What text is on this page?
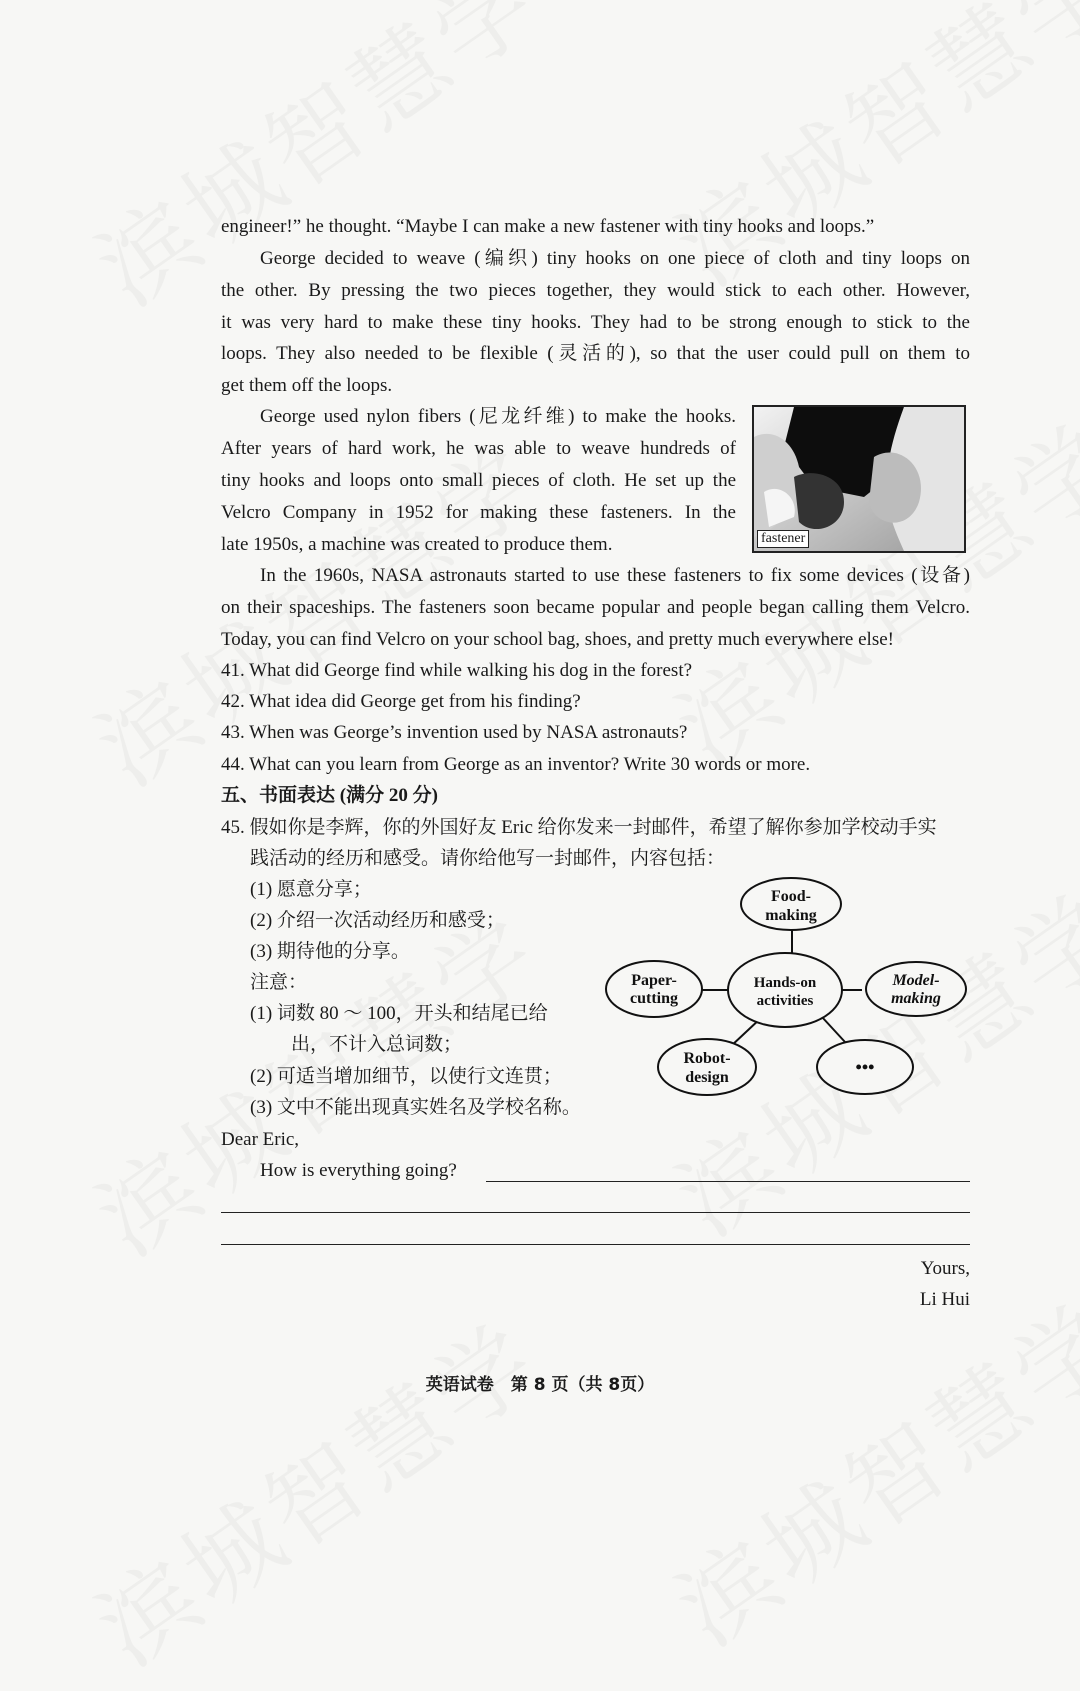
engineer!” he thought. “Maybe I can make a new fastener with tiny hooks and loops.”
George decided to weave (编织) tiny hooks on one piece of cloth and tiny loops on
the other. By pressing the two pieces together, they would stick to each other. However,
it was very hard to make these tiny hooks. They had to be strong enough to stick to the
loops. They also needed to be flexible (灵活的), so that the user could pull on them to
get them off the loops.
George used nylon fibers (尼龙纤维) to make the hooks.
After years of hard work, he was able to weave hundreds of
tiny hooks and loops onto small pieces of cloth. He set up the
Velcro Company in 1952 for making these fasteners. In the
late 1950s, a machine was created to produce them.	fastener
In the 1960s, NASA astronauts started to use these fasteners to fix some devices (设备)
on their spaceships. The fasteners soon became popular and people began calling them Velcro.
Today, you can find Velcro on your school bag, shoes, and pretty much everywhere else!
41. What did George find while walking his dog in the forest?
42. What idea did George get from his finding?
43. When was George’s invention used by NASA astronauts?
44. What can you learn from George as an inventor? Write 30 words or more.
五、书面表达 (满分 20 分)
45. 假如你是李辉，你的外国好友 Eric 给你发来一封邮件，希望了解你参加学校动手实
践活动的经历和感受。请你给他写一封邮件，内容包括：
(1) 愿意分享；
(2) 介绍一次活动经历和感受；
(3) 期待他的分享。
注意：
(1) 词数 80 ～ 100，开头和结尾已给
出，不计入总词数；
(2) 可适当增加细节，以使行文连贯；
(3) 文中不能出现真实姓名及学校名称。
Food-
making
Hands-on
activities
Paper-
cutting
Model-
making
Robot-
design
•••
Dear Eric,
How is everything going?
Yours,
Li Hui
英语试卷　第 8 页（共 8页）
